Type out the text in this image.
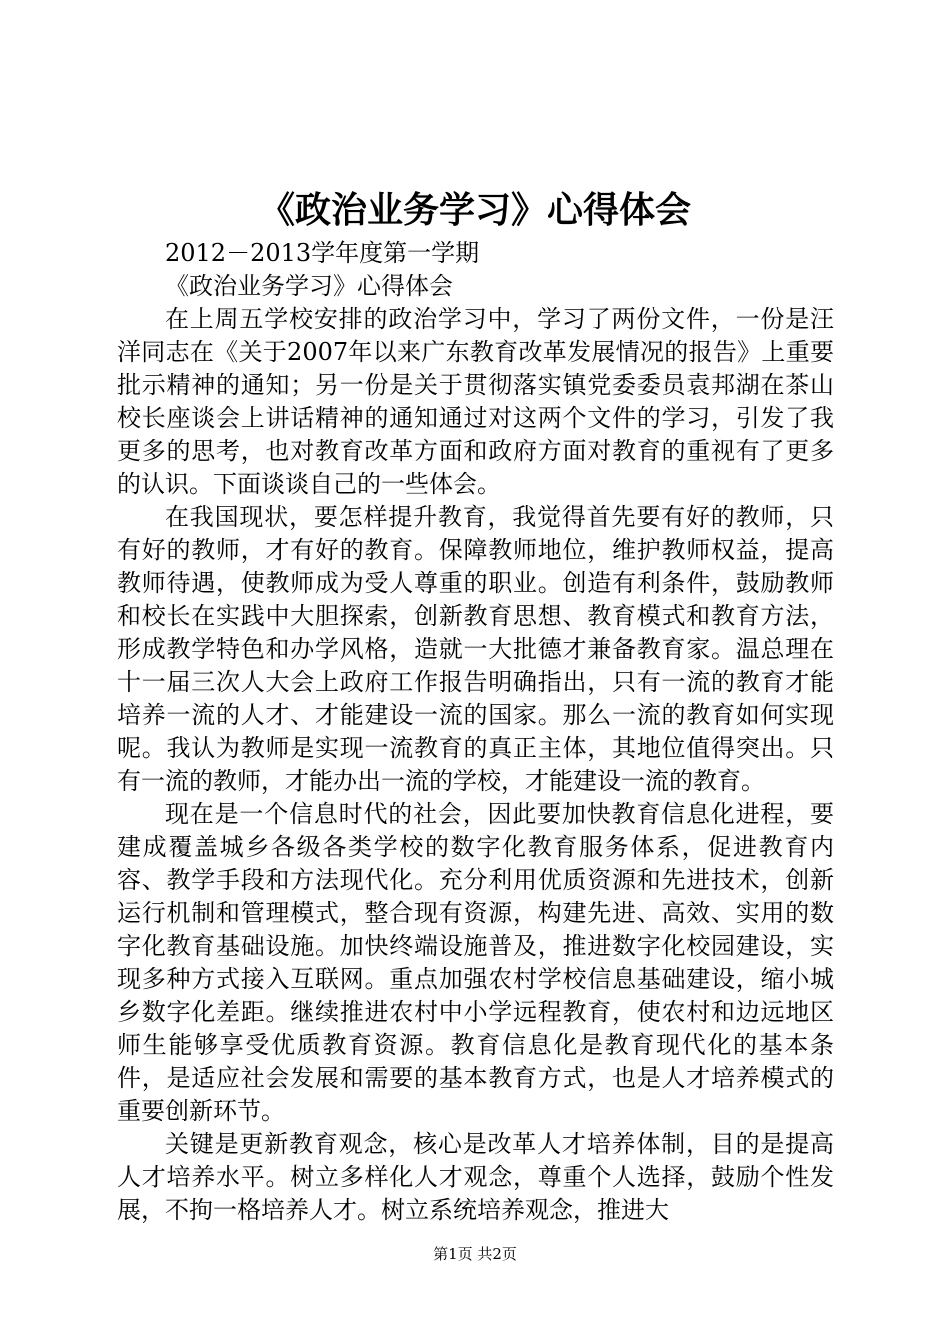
《政治业务学习》心得体会

2012－2013学年度第一学期

《政治业务学习》心得体会

在上周五学校安排的政治学习中，学习了两份文件，一份是汪洋同志在《关于2007年以来广东教育改革发展情况的报告》上重要批示精神的通知；另一份是关于贯彻落实镇党委委员袁邦湖在茶山校长座谈会上讲话精神的通知通过对这两个文件的学习，引发了我更多的思考，也对教育改革方面和政府方面对教育的重视有了更多的认识。下面谈谈自己的一些体会。

在我国现状，要怎样提升教育，我觉得首先要有好的教师，只有好的教师，才有好的教育。保障教师地位，维护教师权益，提高教师待遇，使教师成为受人尊重的职业。创造有利条件，鼓励教师和校长在实践中大胆探索，创新教育思想、教育模式和教育方法，形成教学特色和办学风格，造就一大批德才兼备教育家。温总理在十一届三次人大会上政府工作报告明确指出，只有一流的教育才能培养一流的人才、才能建设一流的国家。那么一流的教育如何实现呢。我认为教师是实现一流教育的真正主体，其地位值得突出。只有一流的教师，才能办出一流的学校，才能建设一流的教育。

现在是一个信息时代的社会，因此要加快教育信息化进程，要建成覆盖城乡各级各类学校的数字化教育服务体系，促进教育内容、教学手段和方法现代化。充分利用优质资源和先进技术，创新运行机制和管理模式，整合现有资源，构建先进、高效、实用的数字化教育基础设施。加快终端设施普及，推进数字化校园建设，实现多种方式接入互联网。重点加强农村学校信息基础建设，缩小城乡数字化差距。继续推进农村中小学远程教育，使农村和边远地区师生能够享受优质教育资源。教育信息化是教育现代化的基本条件，是适应社会发展和需要的基本教育方式，也是人才培养模式的重要创新环节。

关键是更新教育观念，核心是改革人才培养体制，目的是提高人才培养水平。树立多样化人才观念，尊重个人选择，鼓励个性发展，不拘一格培养人才。树立系统培养观念，推进大

第1页 共2页
